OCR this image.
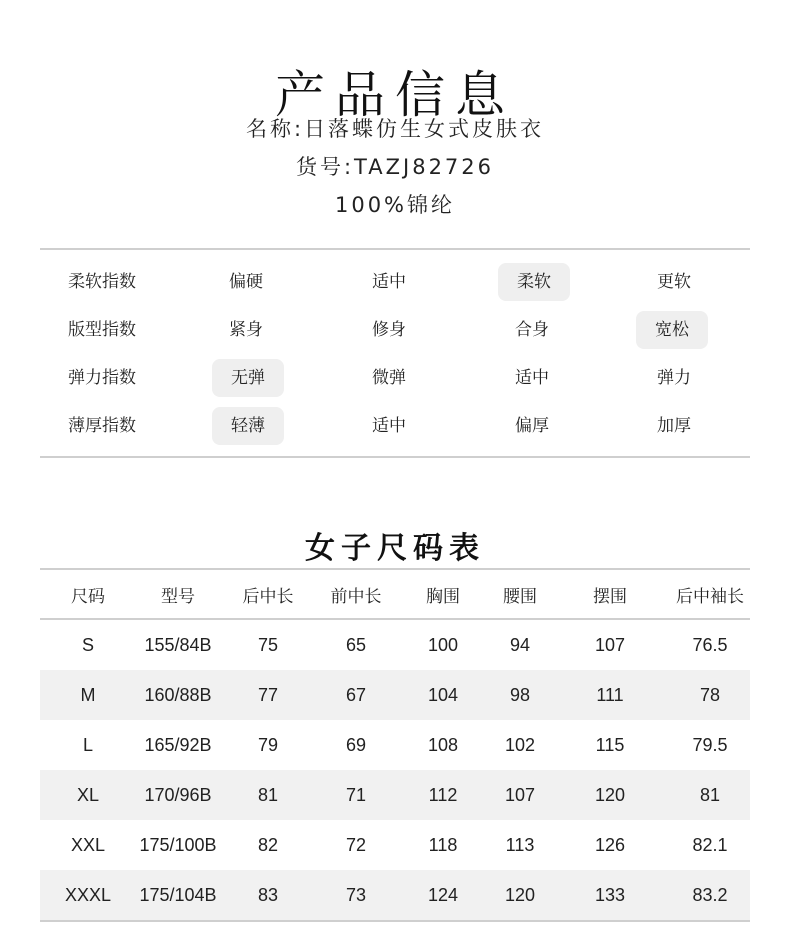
产品信息
名称:日落蝶仿生女式皮肤衣
货号:TAZJ82726
100%锦纶
柔软指数	偏硬	适中	柔软	更软
版型指数	紧身	修身	合身	宽松
弹力指数	无弹	微弹	适中	弹力
薄厚指数	轻薄	适中	偏厚	加厚
女子尺码表
尺码	型号	后中长	前中长	胸围	腰围	摆围	后中袖长
S	155/84B	75	65	100	94	107	76.5
M	160/88B	77	67	104	98	111	78
L	165/92B	79	69	108	102	115	79.5
XL	170/96B	81	71	112	107	120	81
XXL	175/100B	82	72	118	113	126	82.1
XXXL	175/104B	83	73	124	120	133	83.2
